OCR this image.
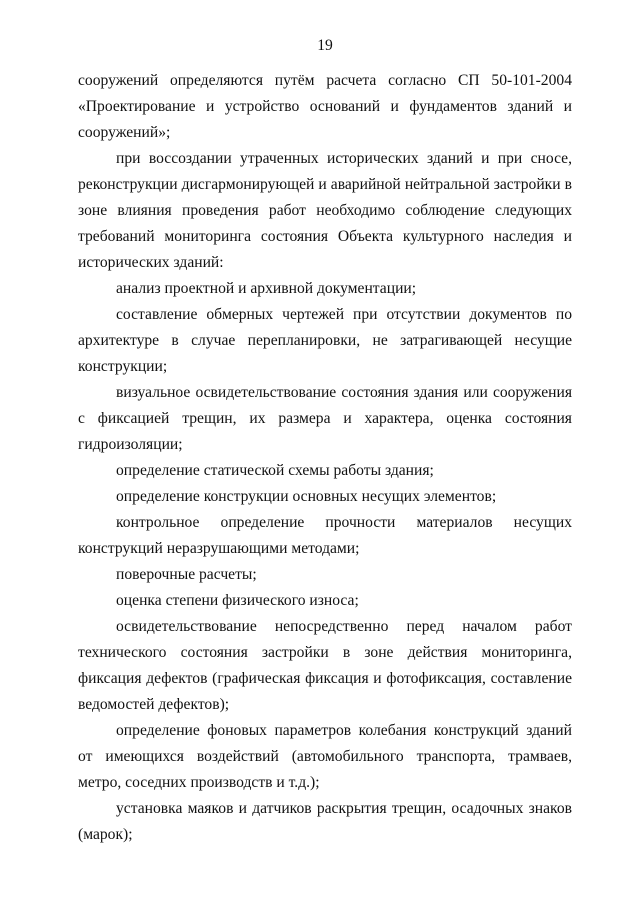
19

сооружений определяются путём расчета согласно СП 50-101-2004 «Проектирование и устройство оснований и фундаментов зданий и сооружений»;

при воссоздании утраченных исторических зданий и при сносе, реконструкции дисгармонирующей и аварийной нейтральной застройки в зоне влияния проведения работ необходимо соблюдение следующих требований мониторинга состояния Объекта культурного наследия и исторических зданий:

анализ проектной и архивной документации;

составление обмерных чертежей при отсутствии документов по архитектуре в случае перепланировки, не затрагивающей несущие конструкции;

визуальное освидетельствование состояния здания или сооружения с фиксацией трещин, их размера и характера, оценка состояния гидроизоляции;

определение статической схемы работы здания;

определение конструкции основных несущих элементов;

контрольное определение прочности материалов несущих конструкций неразрушающими методами;

поверочные расчеты;

оценка степени физического износа;

освидетельствование непосредственно перед началом работ технического состояния застройки в зоне действия мониторинга, фиксация дефектов (графическая фиксация и фотофиксация, составление ведомостей дефектов);

определение фоновых параметров колебания конструкций зданий от имеющихся воздействий (автомобильного транспорта, трамваев, метро, соседних производств и т.д.);

установка маяков и датчиков раскрытия трещин, осадочных знаков (марок);
